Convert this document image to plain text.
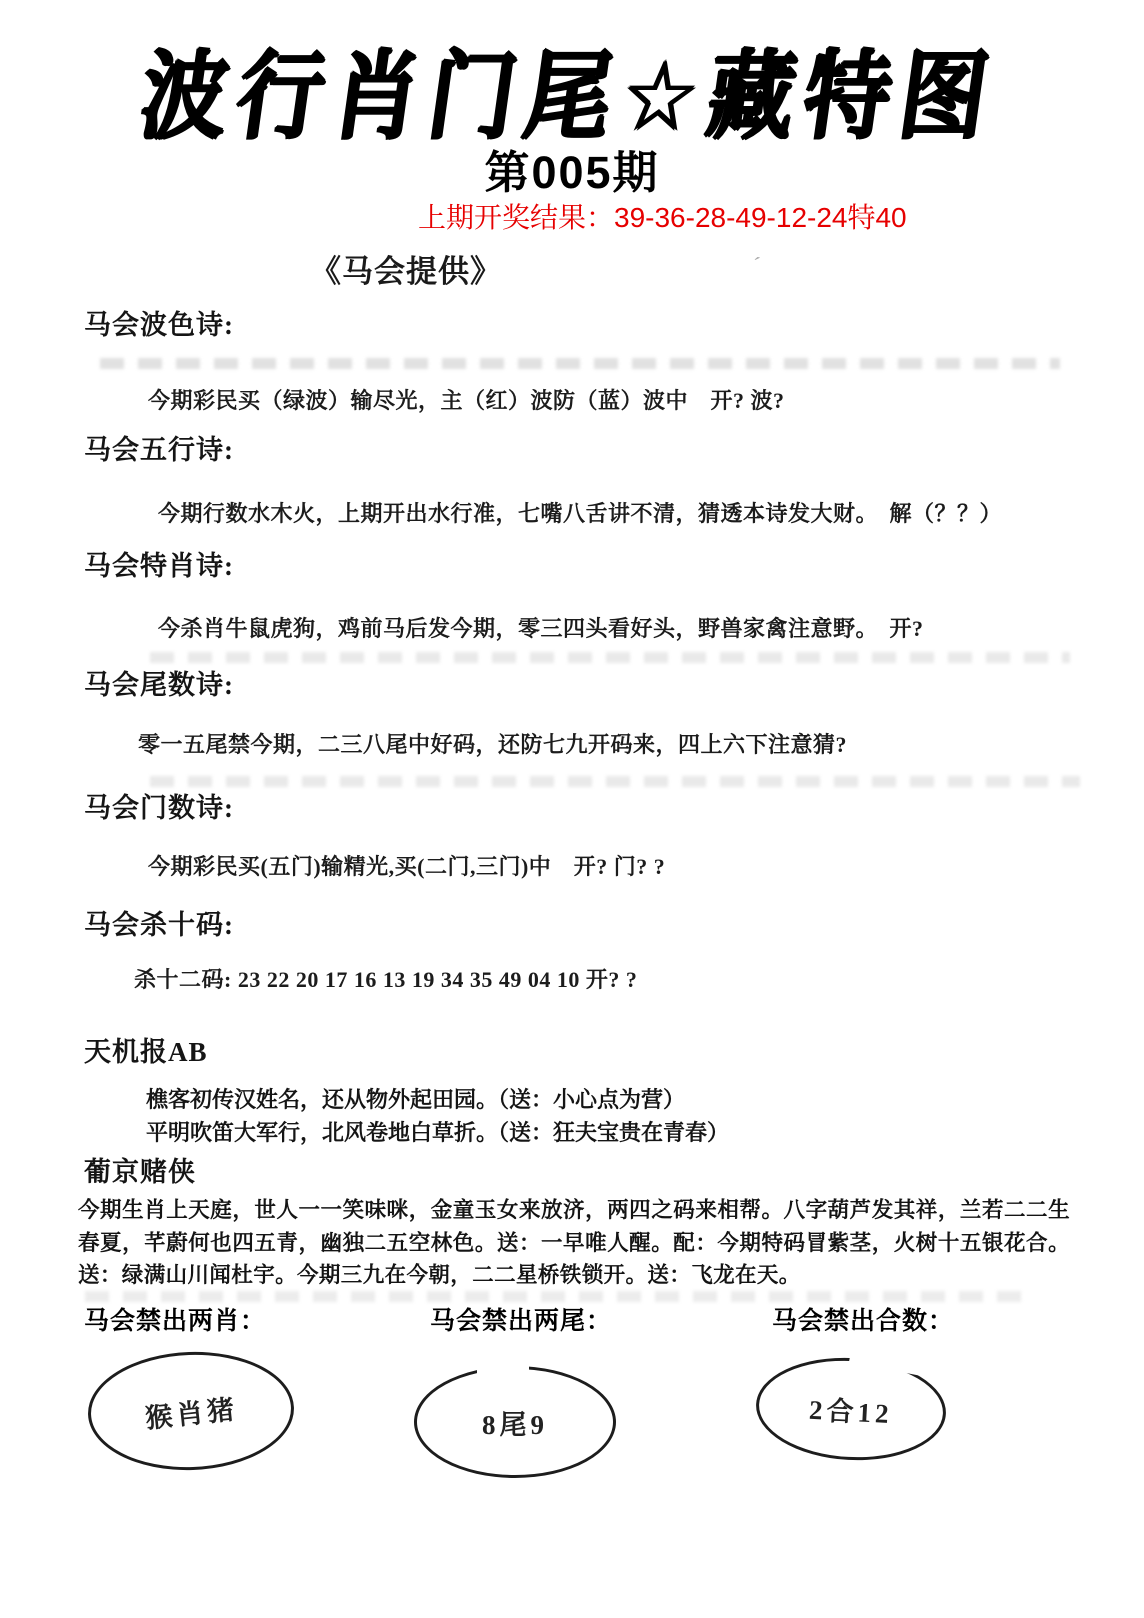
波行肖门尾☆藏特图
第005期
上期开奖结果：39-36-28-49-12-24特40
《马会提供》	ˊ
马会波色诗:
今期彩民买（绿波）输尽光，主（红）波防（蓝）波中　开? 波?
马会五行诗:
今期行数水木火，上期开出水行准，七嘴八舌讲不清，猜透本诗发大财。　解（？？）
马会特肖诗:
今杀肖牛鼠虎狗，鸡前马后发今期，零三四头看好头，野兽家禽注意野。　开?
马会尾数诗:
零一五尾禁今期，二三八尾中好码，还防七九开码来，四上六下注意猜?
马会门数诗:
今期彩民买(五门)输精光,买(二门,三门)中　开? 门? ?
马会杀十码:
杀十二码: 23 22 20 17 16 13 19 34 35 49 04 10 开? ?
天机报AB
樵客初传汉姓名，还从物外起田园。（送：小心点为营）
平明吹笛大军行，北风卷地白草折。（送：狂夫宝贵在青春）
葡京赌侠
今期生肖上天庭，世人一一笑味咪，金童玉女来放济，两四之码来相帮。八字葫芦发其祥，兰若二二生春夏，芊蔚何也四五青，幽独二五空林色。送：一早唯人醒。配：今期特码冒紫茎，火树十五银花合。送：绿满山川闻杜宇。今期三九在今朝，二二星桥铁锁开。送：飞龙在天。
马会禁出两肖：	马会禁出两尾：	马会禁出合数：
猴肖猪	8尾9	2合12
